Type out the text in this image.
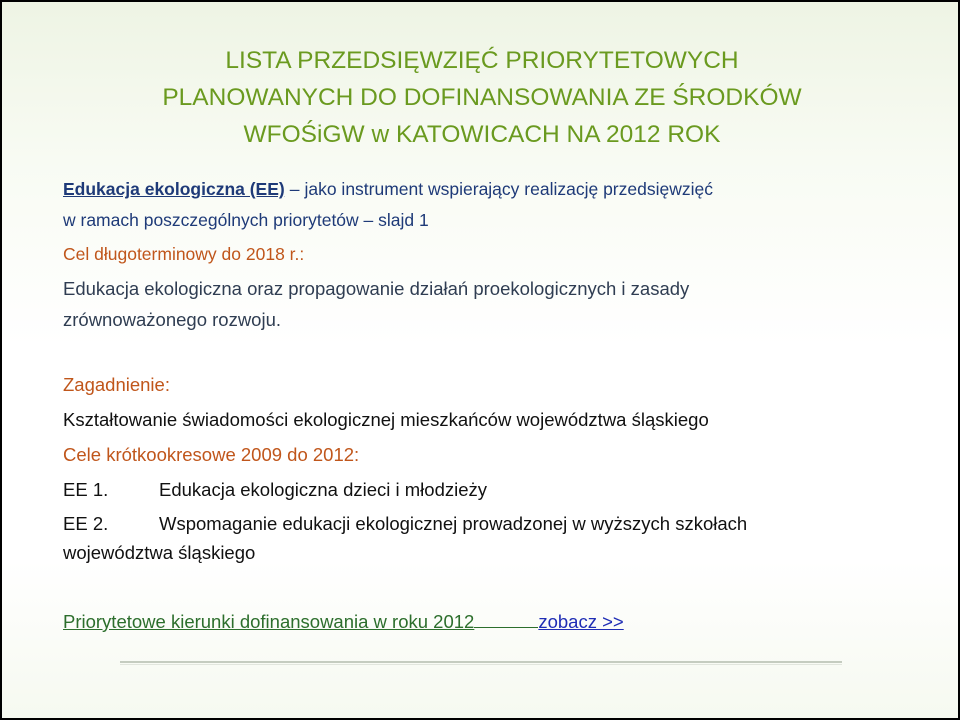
LISTA PRZEDSIĘWZIĘĆ PRIORYTETOWYCH
PLANOWANYCH DO DOFINANSOWANIA ZE ŚRODKÓW
WFOŚiGW w KATOWICACH NA 2012 ROK
Edukacja ekologiczna (EE) – jako instrument wspierający realizację przedsięwzięć
w ramach poszczególnych priorytetów – slajd 1
Cel długoterminowy do 2018 r.:
Edukacja ekologiczna oraz propagowanie działań proekologicznych i zasady
zrównoważonego rozwoju.
Zagadnienie:
Kształtowanie świadomości ekologicznej mieszkańców województwa śląskiego
Cele krótkookresowe 2009 do 2012:
EE 1.	Edukacja ekologiczna dzieci i młodzieży
EE 2.	Wspomaganie edukacji ekologicznej prowadzonej w wyższych szkołach
województwa śląskiego
Priorytetowe kierunki dofinansowania w roku 2012	zobacz >>
